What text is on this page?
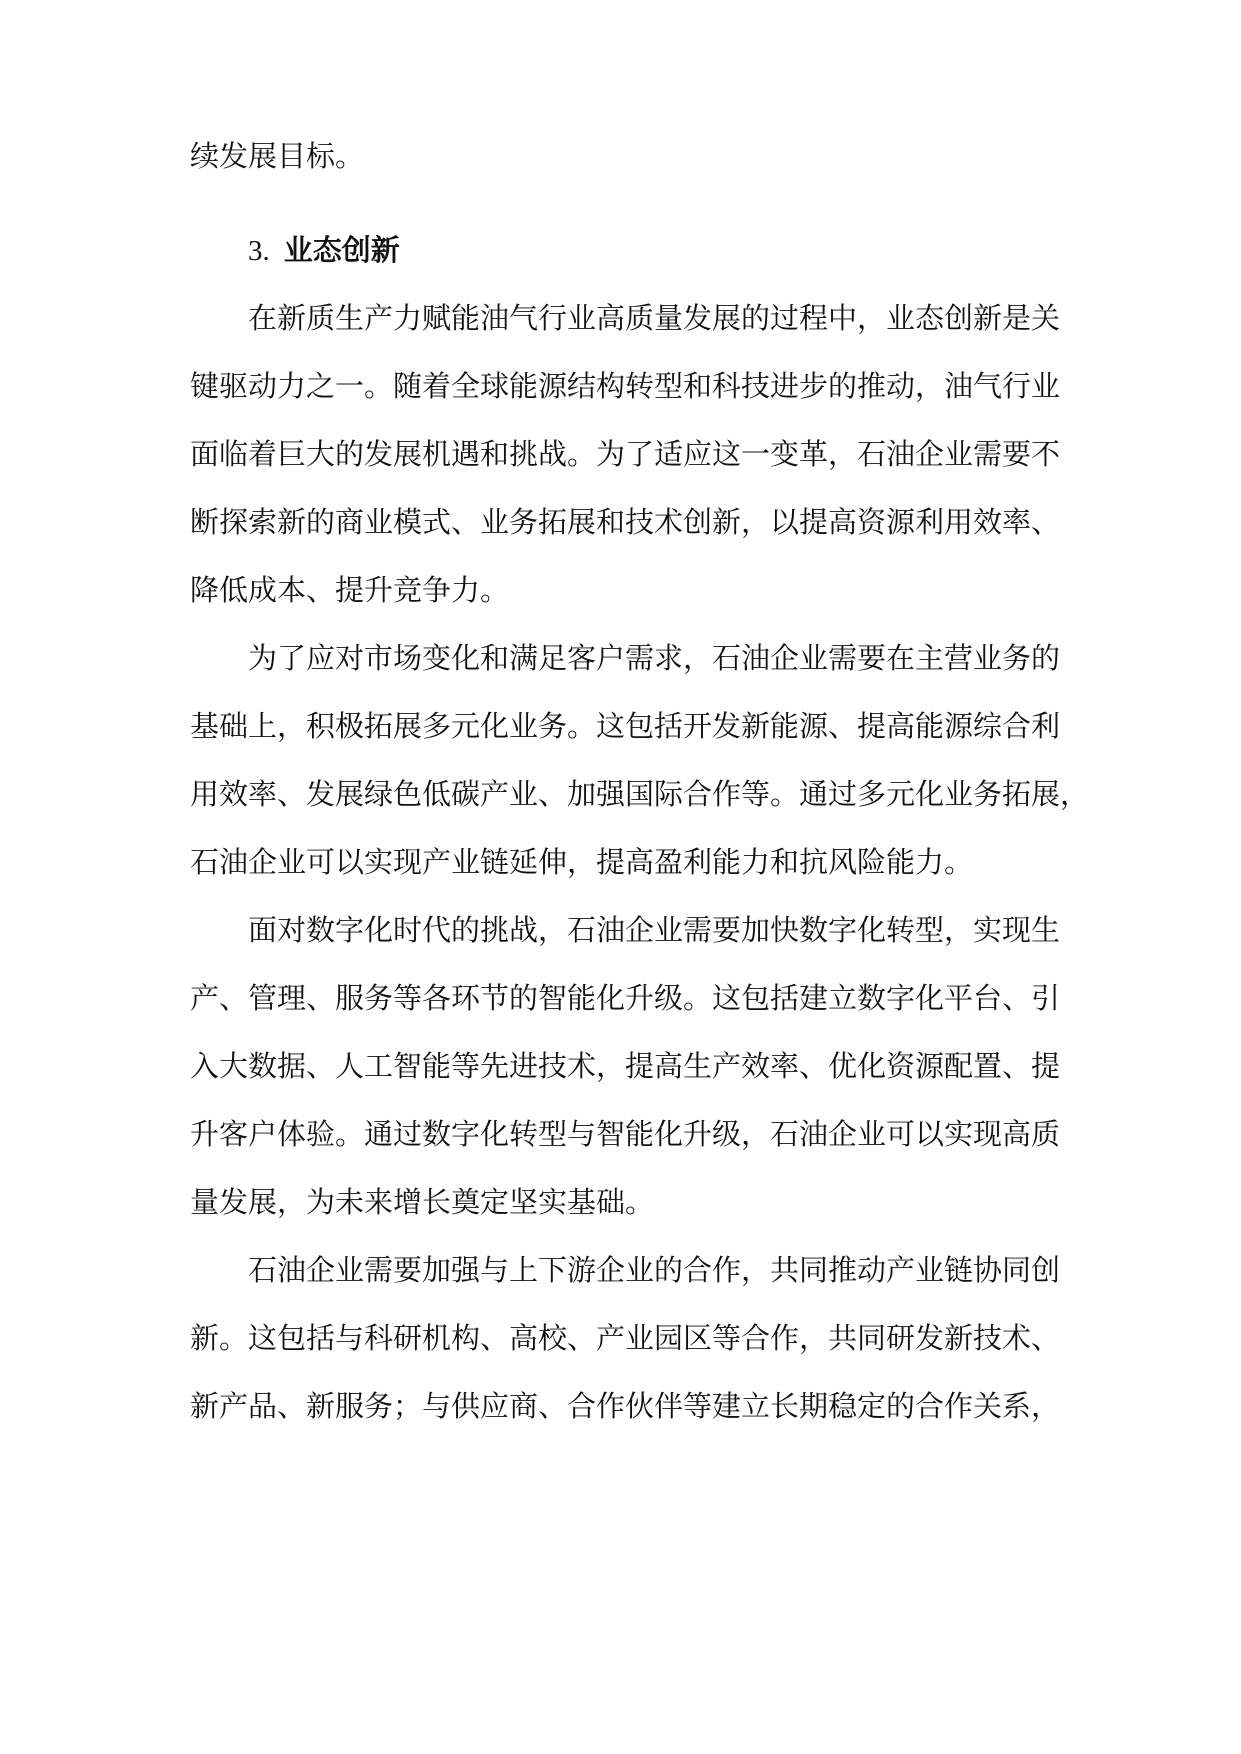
续发展目标。
3. 业态创新
在新质生产力赋能油气行业高质量发展的过程中，业态创新是关
键驱动力之一。随着全球能源结构转型和科技进步的推动，油气行业
面临着巨大的发展机遇和挑战。为了适应这一变革，石油企业需要不
断探索新的商业模式、业务拓展和技术创新，以提高资源利用效率、
降低成本、提升竞争力。
为了应对市场变化和满足客户需求，石油企业需要在主营业务的
基础上，积极拓展多元化业务。这包括开发新能源、提高能源综合利
用效率、发展绿色低碳产业、加强国际合作等。通过多元化业务拓展，
石油企业可以实现产业链延伸，提高盈利能力和抗风险能力。
面对数字化时代的挑战，石油企业需要加快数字化转型，实现生
产、管理、服务等各环节的智能化升级。这包括建立数字化平台、引
入大数据、人工智能等先进技术，提高生产效率、优化资源配置、提
升客户体验。通过数字化转型与智能化升级，石油企业可以实现高质
量发展，为未来增长奠定坚实基础。
石油企业需要加强与上下游企业的合作，共同推动产业链协同创
新。这包括与科研机构、高校、产业园区等合作，共同研发新技术、
新产品、新服务；与供应商、合作伙伴等建立长期稳定的合作关系，
